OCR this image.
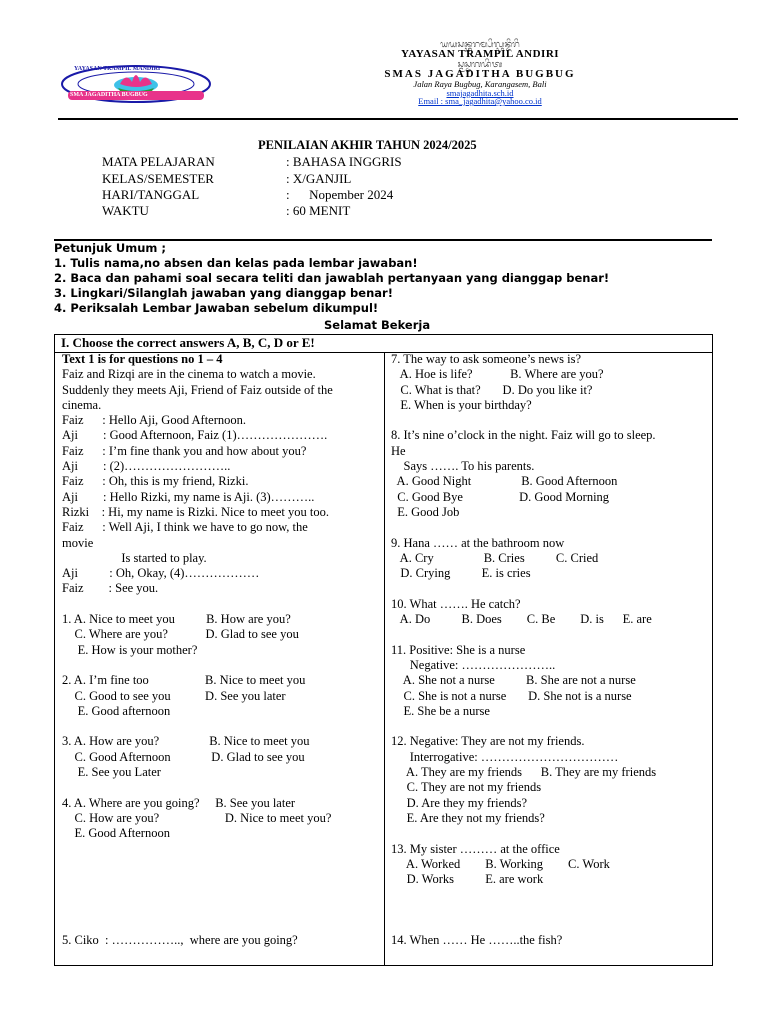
YAYASAN TRAMPIL MANDIRI
SMA JAGADITHA BUGBUG
ᬬᬬᬲᬦ᭄ᬢᬭᬫ᭄ᬧᬶᬮ᭄ᬳᬦ᭄ᬤᬶᬭᬶ
YAYASAN TRAMPIL ANDIRI
ᬲ᭄ᬫᬲ᭄ᬚᬕᬤᬶᬢ
SMAS JAGADITHA BUGBUG
Jalan Raya Bugbug, Karangasem, Bali
smajagadhita.sch.id
Email : sma_jagadhita@yahoo.co.id
PENILAIAN AKHIR TAHUN 2024/2025
MATA PELAJARAN	: BAHASA INGGRIS
KELAS/SEMESTER	: X/GANJIL
HARI/TANGGAL	:      Nopember 2024
WAKTU	: 60 MENIT
Petunjuk Umum ;
1. Tulis nama,no absen dan kelas pada lembar jawaban!
2. Baca dan pahami soal secara teliti dan jawablah pertanyaan yang dianggap benar!
3. Lingkari/Silanglah jawaban yang dianggap benar!
4. Periksalah Lembar Jawaban sebelum dikumpul!
Selamat Bekerja
I. Choose the correct answers A, B, C, D or E!
Text 1 is for questions no 1 – 4
Faiz and Rizqi are in the cinema to watch a movie.
Suddenly they meets Aji, Friend of Faiz outside of the
cinema.
Faiz      : Hello Aji, Good Afternoon.
Aji        : Good Afternoon, Faiz (1)………………….
Faiz      : I’m fine thank you and how about you?
Aji        : (2)……………………..
Faiz      : Oh, this is my friend, Rizki.
Aji        : Hello Rizki, my name is Aji. (3)………..
Rizki    : Hi, my name is Rizki. Nice to meet you too.
Faiz      : Well Aji, I think we have to go now, the
movie
Is started to play.
Aji          : Oh, Okay, (4)………………
Faiz        : See you.
1. A. Nice to meet you          B. How are you?
C. Where are you?            D. Glad to see you
E. How is your mother?
2. A. I’m fine too                  B. Nice to meet you
C. Good to see you           D. See you later
E. Good afternoon
3. A. How are you?                B. Nice to meet you
C. Good Afternoon             D. Glad to see you
E. See you Later
4. A. Where are you going?     B. See you later
C. How are you?                     D. Nice to meet you?
E. Good Afternoon
5. Ciko  : ……………..,  where are you going?
7. The way to ask someone’s news is?
A. Hoe is life?            B. Where are you?
C. What is that?       D. Do you like it?
E. When is your birthday?
8. It’s nine o’clock in the night. Faiz will go to sleep.
He
Says ……. To his parents.
A. Good Night                B. Good Afternoon
C. Good Bye                  D. Good Morning
E. Good Job
9. Hana …… at the bathroom now
A. Cry                B. Cries          C. Cried
D. Crying          E. is cries
10. What ……. He catch?
A. Do          B. Does        C. Be        D. is      E. are
11. Positive: She is a nurse
Negative: …………………..
A. She not a nurse          B. She are not a nurse
C. She is not a nurse       D. She not is a nurse
E. She be a nurse
12. Negative: They are not my friends.
Interrogative: ……………………………
A. They are my friends      B. They are my friends
C. They are not my friends
D. Are they my friends?
E. Are they not my friends?
13. My sister ……… at the office
A. Worked        B. Working        C. Work
D. Works          E. are work
14. When …… He ……..the fish?
